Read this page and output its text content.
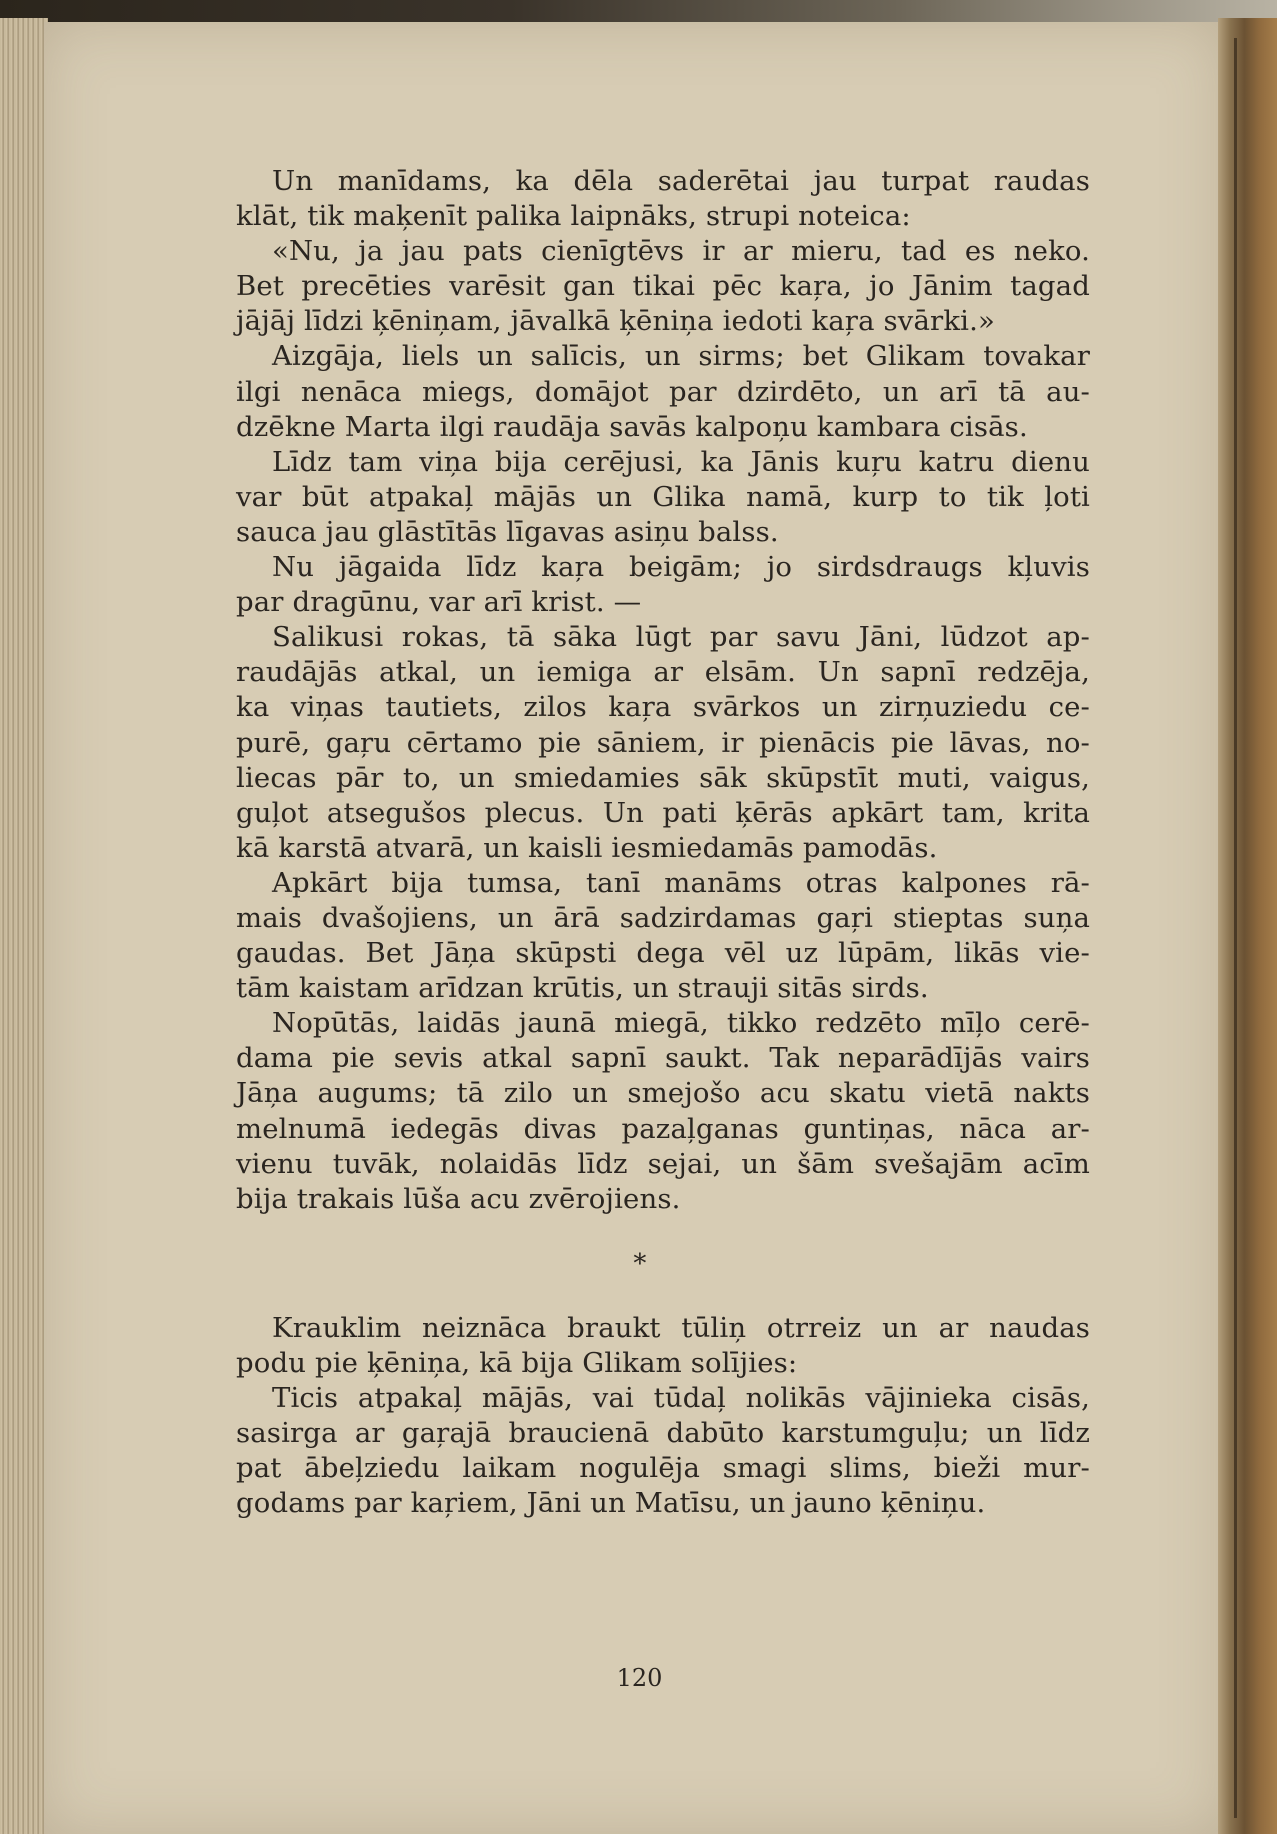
Un manīdams, ka dēla saderētai jau turpat raudas
klāt, tik maķenīt palika laipnāks, strupi noteica:
«Nu, ja jau pats cienīgtēvs ir ar mieru, tad es neko.
Bet precēties varēsit gan tikai pēc kaŗa, jo Jānim tagad
jājāj līdzi ķēniņam, jāvalkā ķēniņa iedoti kaŗa svārki.»
Aizgāja, liels un salīcis, un sirms; bet Glikam tovakar
ilgi nenāca miegs, domājot par dzirdēto, un arī tā au-
dzēkne Marta ilgi raudāja savās kalpoņu kambara cisās.
Līdz tam viņa bija cerējusi, ka Jānis kuŗu katru dienu
var būt atpakaļ mājās un Glika namā, kurp to tik ļoti
sauca jau glāstītās līgavas asiņu balss.
Nu jāgaida līdz kaŗa beigām; jo sirdsdraugs kļuvis
par dragūnu, var arī krist. —
Salikusi rokas, tā sāka lūgt par savu Jāni, lūdzot ap-
raudājās atkal, un iemiga ar elsām. Un sapnī redzēja,
ka viņas tautiets, zilos kaŗa svārkos un zirņuziedu ce-
purē, gaŗu cērtamo pie sāniem, ir pienācis pie lāvas, no-
liecas pār to, un smiedamies sāk skūpstīt muti, vaigus,
guļot atsegušos plecus. Un pati ķērās apkārt tam, krita
kā karstā atvarā, un kaisli iesmiedamās pamodās.
Apkārt bija tumsa, tanī manāms otras kalpones rā-
mais dvašojiens, un ārā sadzirdamas gaŗi stieptas suņa
gaudas. Bet Jāņa skūpsti dega vēl uz lūpām, likās vie-
tām kaistam arīdzan krūtis, un strauji sitās sirds.
Nopūtās, laidās jaunā miegā, tikko redzēto mīļo cerē-
dama pie sevis atkal sapnī saukt. Tak neparādījās vairs
Jāņa augums; tā zilo un smejošo acu skatu vietā nakts
melnumā iedegās divas pazaļganas guntiņas, nāca ar-
vienu tuvāk, nolaidās līdz sejai, un šām svešajām acīm
bija trakais lūša acu zvērojiens.
*
Krauklim neiznāca braukt tūliņ otrreiz un ar naudas
podu pie ķēniņa, kā bija Glikam solījies:
Ticis atpakaļ mājās, vai tūdaļ nolikās vājinieka cisās,
sasirga ar gaŗajā braucienā dabūto karstumguļu; un līdz
pat ābeļziedu laikam nogulēja smagi slims, bieži mur-
godams par kaŗiem, Jāni un Matīsu, un jauno ķēniņu.
120
